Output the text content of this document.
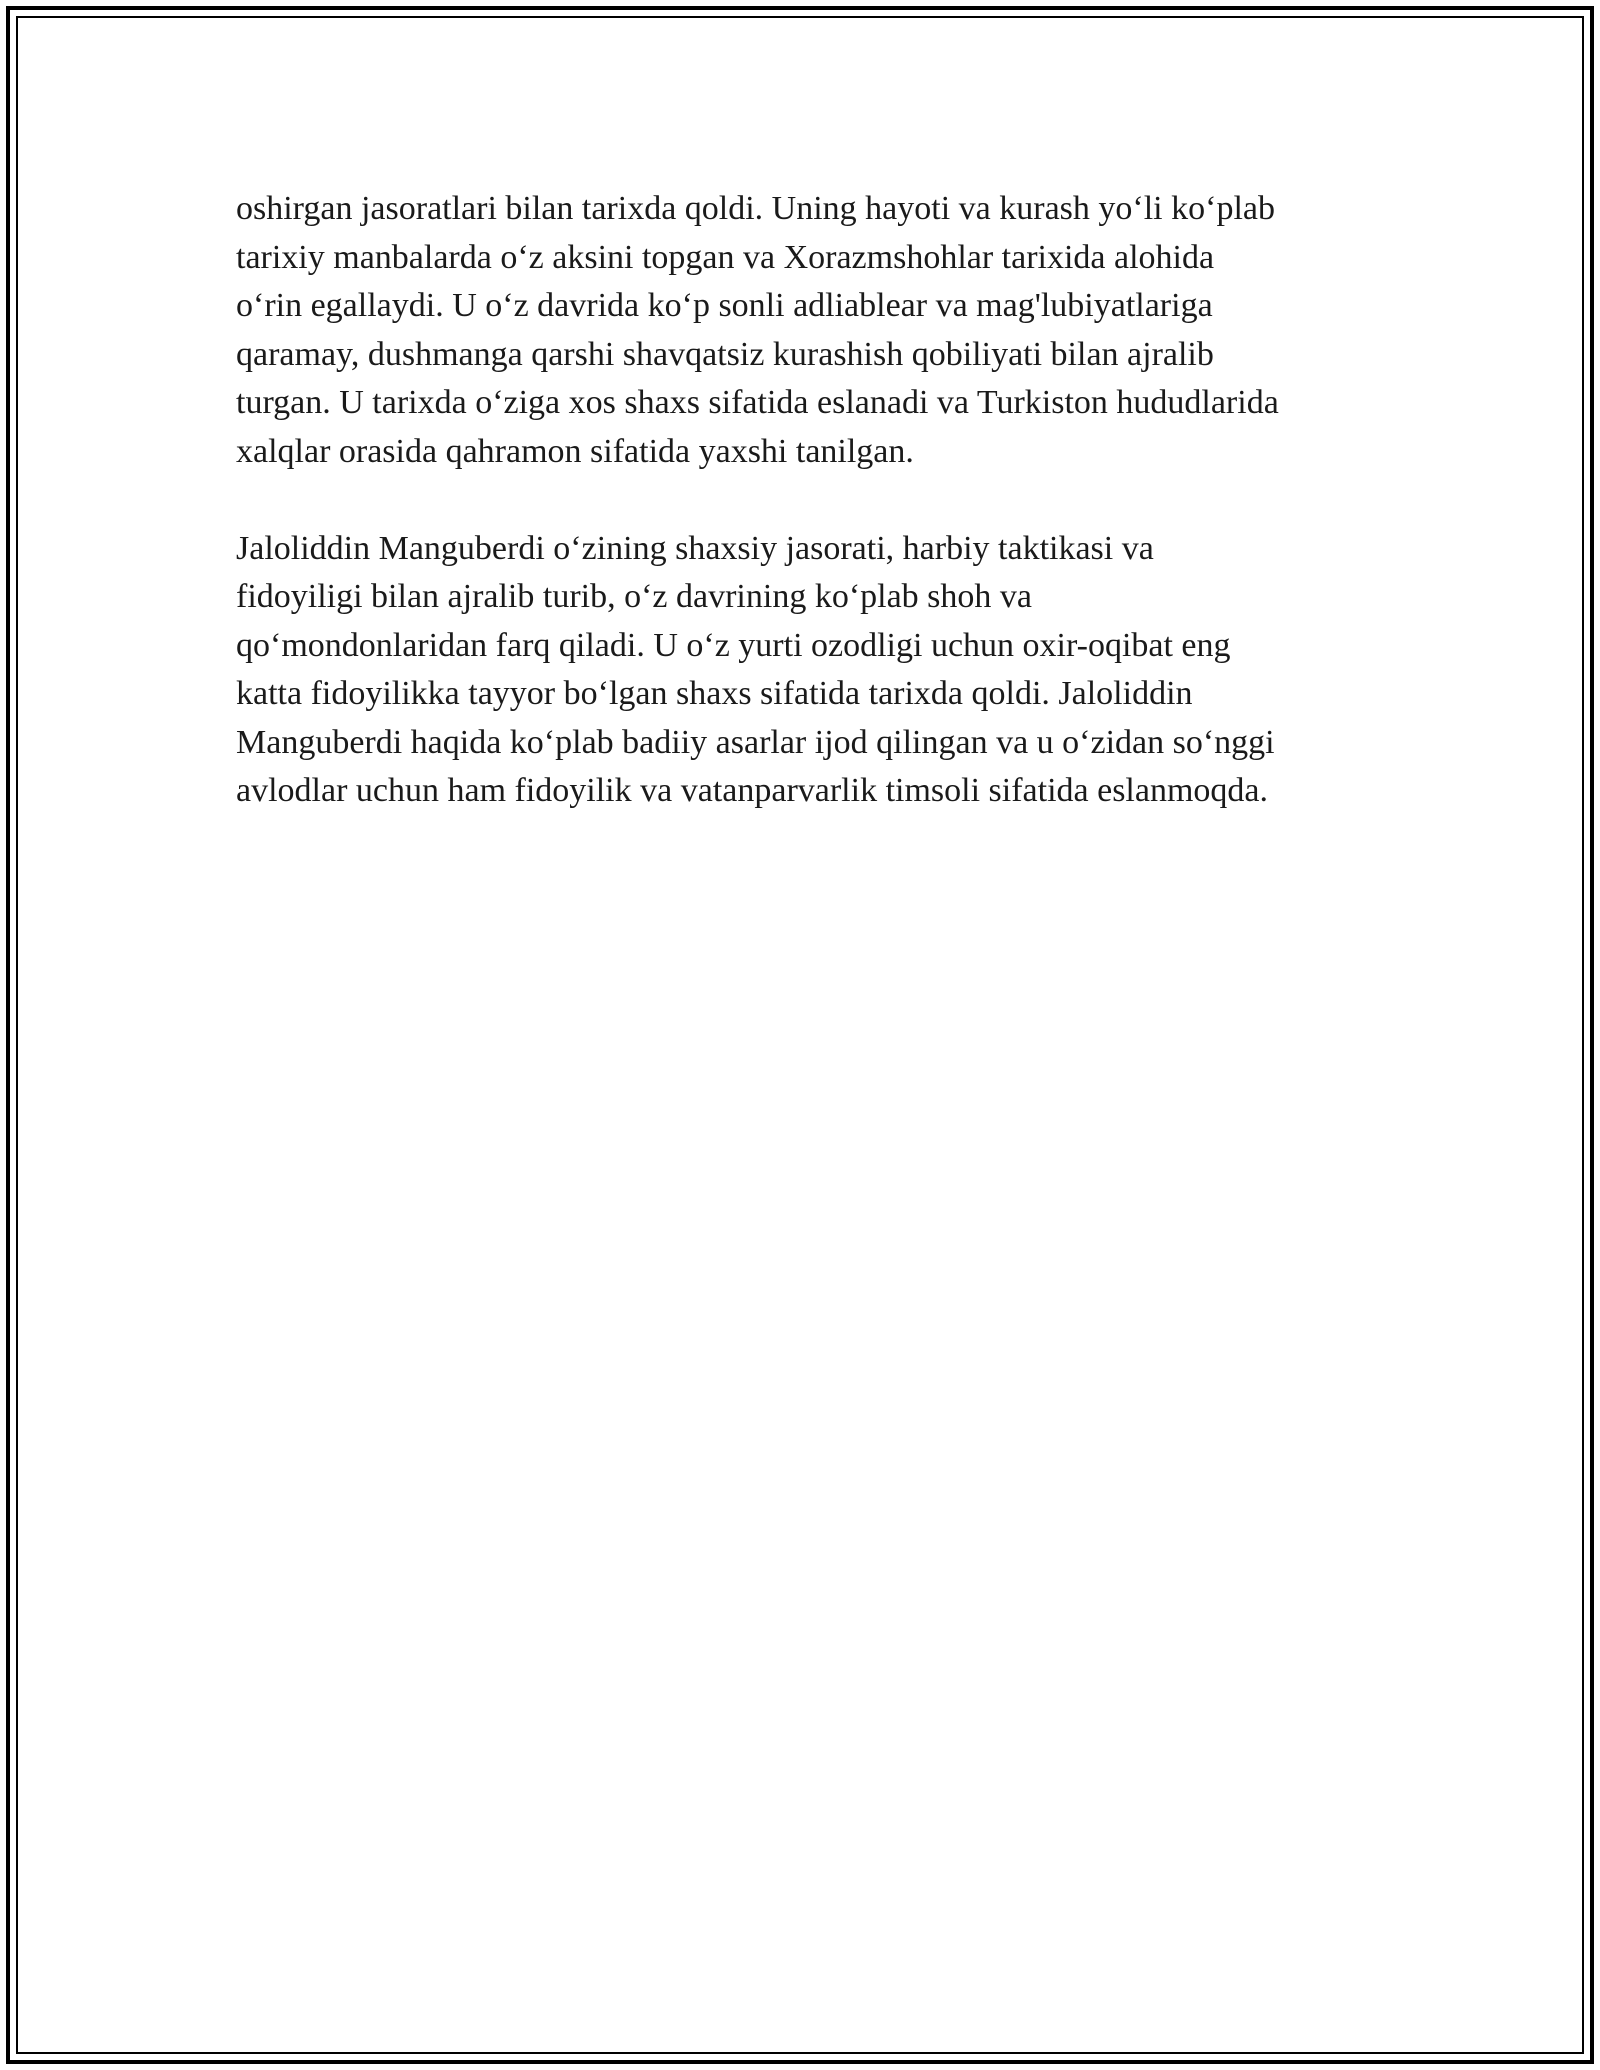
oshirgan jasoratlari bilan tarixda qoldi. Uning hayoti va kurash yo‘li ko‘plab
tarixiy manbalarda o‘z aksini topgan va Xorazmshohlar tarixida alohida
o‘rin egallaydi. U o‘z davrida ko‘p sonli adliablear va mag'lubiyatlariga
qaramay, dushmanga qarshi shavqatsiz kurashish qobiliyati bilan ajralib
turgan. U tarixda o‘ziga xos shaxs sifatida eslanadi va Turkiston hududlarida
xalqlar orasida qahramon sifatida yaxshi tanilgan.

Jaloliddin Manguberdi o‘zining shaxsiy jasorati, harbiy taktikasi va
fidoyiligi bilan ajralib turib, o‘z davrining ko‘plab shoh va
qo‘mondonlaridan farq qiladi. U o‘z yurti ozodligi uchun oxir-oqibat eng
katta fidoyilikka tayyor bo‘lgan shaxs sifatida tarixda qoldi. Jaloliddin
Manguberdi haqida ko‘plab badiiy asarlar ijod qilingan va u o‘zidan so‘nggi
avlodlar uchun ham fidoyilik va vatanparvarlik timsoli sifatida eslanmoqda.
